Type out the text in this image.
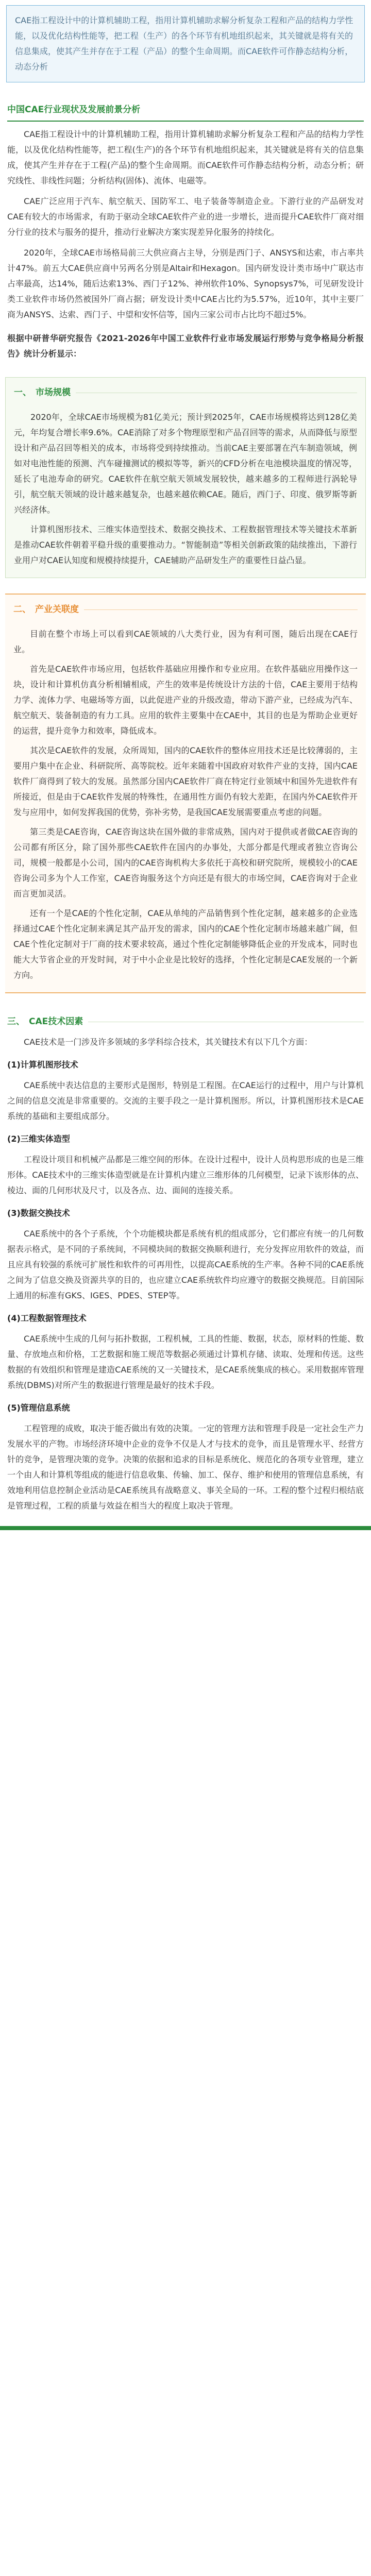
CAE指工程设计中的计算机辅助工程，指用计算机辅助求解分析复杂工程和产品的结构力学性能，以及优化结构性能等，把工程（生产）的各个环节有机地组织起来，其关键就是将有关的信息集成，使其产生并存在于工程（产品）的整个生命周期。而CAE软件可作静态结构分析，动态分析

中国CAE行业现状及发展前景分析

CAE指工程设计中的计算机辅助工程，指用计算机辅助求解分析复杂工程和产品的结构力学性能，以及优化结构性能等，把工程(生产)的各个环节有机地组织起来，其关键就是将有关的信息集成，使其产生并存在于工程(产品)的整个生命周期。而CAE软件可作静态结构分析，动态分析；研究线性、非线性问题；分析结构(固体)、流体、电磁等。

CAE广泛应用于汽车、航空航天、国防军工、电子装备等制造企业。下游行业的产品研发对CAE有较大的市场需求，有助于驱动全球CAE软件产业的进一步增长，进而提升CAE软件厂商对细分行业的技术与服务的提升，推动行业解决方案实现差异化服务的持续化。

2020年，全球CAE市场格局前三大供应商占主导，分别是西门子、ANSYS和达索，市占率共计47%。前五大CAE供应商中另两名分别是Altair和Hexagon。国内研发设计类市场中广联达市占率最高，达14%，随后达索13%、西门子12%、神州软件10%、Synopsys7%，可见研发设计类工业软件市场仍然被国外厂商占据；研发设计类中CAE占比约为5.57%，近10年，其中主要厂商为ANSYS、达索、西门子、中望和安怀信等，国内三家公司市占比均不超过5%。

根据中研普华研究报告《2021-2026年中国工业软件行业市场发展运行形势与竞争格局分析报告》统计分析显示：

一、 市场规模

2020年，全球CAE市场规模为81亿美元；预计到2025年，CAE市场规模将达到128亿美元，年均复合增长率9.6%。CAE消除了对多个物理原型和产品召回等的需求，从而降低与原型设计和产品召回等相关的成本，市场将受到持续推动。当前CAE主要部署在汽车制造领域，例如对电池性能的预测、汽车碰撞测试的模拟等等，新兴的CFD分析在电池模块温度的情况等，延长了电池寿命的研究。CAE软件在航空航天领域发展较快，越来越多的工程师进行涡轮导引，航空航天领域的设计越来越复杂，也越来越依赖CAE。随后，西门子、印度、俄罗斯等新兴经济体。

计算机图形技术、三维实体造型技术、数据交换技术、工程数据管理技术等关键技术革新是推动CAE软件朝着平稳升级的重要推动力。“智能制造”等相关创新政策的陆续推出，下游行业用户对CAE认知度和规模持续提升，CAE辅助产品研发生产的重要性日益凸显。

二、 产业关联度

目前在整个市场上可以看到CAE领域的八大类行业，因为有利可图，随后出现在CAE行业。

首先是CAE软件市场应用，包括软件基础应用操作和专业应用。在软件基础应用操作这一块，设计和计算机仿真分析相辅相成，产生的效率是传统设计方法的十倍，CAE主要用于结构力学、流体力学、电磁场等方面，以此促进产业的升级改造，带动下游产业，已经成为汽车、航空航天、装备制造的有力工具。应用的软件主要集中在CAE中，其目的也是为帮助企业更好的运营，提升竞争力和效率，降低成本。

其次是CAE软件的发展，众所周知，国内的CAE软件的整体应用技术还是比较薄弱的，主要用户集中在企业、科研院所、高等院校。近年来随着中国政府对软件产业的支持，国内CAE软件厂商得到了较大的发展。虽然部分国内CAE软件厂商在特定行业领域中和国外先进软件有所接近，但是由于CAE软件发展的特殊性，在通用性方面仍有较大差距，在国内外CAE软件开发与应用中，如何发挥我国的优势，弥补劣势，是我国CAE发展需要重点考虑的问题。

第三类是CAE咨询，CAE咨询这块在国外做的非常成熟，国内对于提供或者做CAE咨询的公司都有所区分，除了国外那些CAE软件在国内的办事处，大部分都是代理或者独立咨询公司，规模一般都是小公司，国内的CAE咨询机构大多依托于高校和研究院所，规模较小的CAE咨询公司多为个人工作室，CAE咨询服务这个方向还是有很大的市场空间，CAE咨询对于企业而言更加灵活。

还有一个是CAE的个性化定制，CAE从单纯的产品销售到个性化定制，越来越多的企业选择通过CAE个性化定制来满足其产品开发的需求，国内的CAE个性化定制市场越来越广阔，但CAE个性化定制对于厂商的技术要求较高，通过个性化定制能够降低企业的开发成本，同时也能大大节省企业的开发时间，对于中小企业是比较好的选择，个性化定制是CAE发展的一个新方向。

三、 CAE技术因素

CAE技术是一门涉及许多领域的多学科综合技术，其关键技术有以下几个方面：

(1)计算机图形技术

CAE系统中表达信息的主要形式是图形，特别是工程图。在CAE运行的过程中，用户与计算机之间的信息交流是非常重要的。交流的主要手段之一是计算机图形。所以，计算机图形技术是CAE系统的基础和主要组成部分。

(2)三维实体造型

工程设计项目和机械产品都是三维空间的形体。在设计过程中，设计人员构思形成的也是三维形体。CAE技术中的三维实体造型就是在计算机内建立三维形体的几何模型，记录下该形体的点、棱边、面的几何形状及尺寸，以及各点、边、面间的连接关系。

(3)数据交换技术

CAE系统中的各个子系统，个个功能模块都是系统有机的组成部分，它们都应有统一的几何数据表示格式，是不同的子系统间，不同模块间的数据交换顺利进行，充分发挥应用软件的效益，而且应具有较强的系统可扩展性和软件的可再用性，以提高CAE系统的生产率。各种不同的CAE系统之间为了信息交换及资源共享的目的，也应建立CAE系统软件均应遵守的数据交换规范。目前国际上通用的标准有GKS、IGES、PDES、STEP等。

(4)工程数据管理技术

CAE系统中生成的几何与拓扑数据，工程机械，工具的性能、数据，状态，原材料的性能、数量、存放地点和价格，工艺数据和施工规范等数据必须通过计算机存储、读取、处理和传送。这些数据的有效组织和管理是建造CAE系统的又一关键技术，是CAE系统集成的核心。采用数据库管理系统(DBMS)对所产生的数据进行管理是最好的技术手段。

(5)管理信息系统

工程管理的成败，取决于能否做出有效的决策。一定的管理方法和管理手段是一定社会生产力发展水平的产物。市场经济环境中企业的竞争不仅是人才与技术的竞争，而且是管理水平、经营方针的竞争，是管理决策的竞争。决策的依据和追求的目标是系统化、规范化的各项专业管理，建立一个由人和计算机等组成的能进行信息收集、传输、加工、保存、维护和使用的管理信息系统，有效地利用信息控制企业活动是CAE系统具有战略意义、事关全局的一环。工程的整个过程归根结底是管理过程，工程的质量与效益在相当大的程度上取决于管理。
